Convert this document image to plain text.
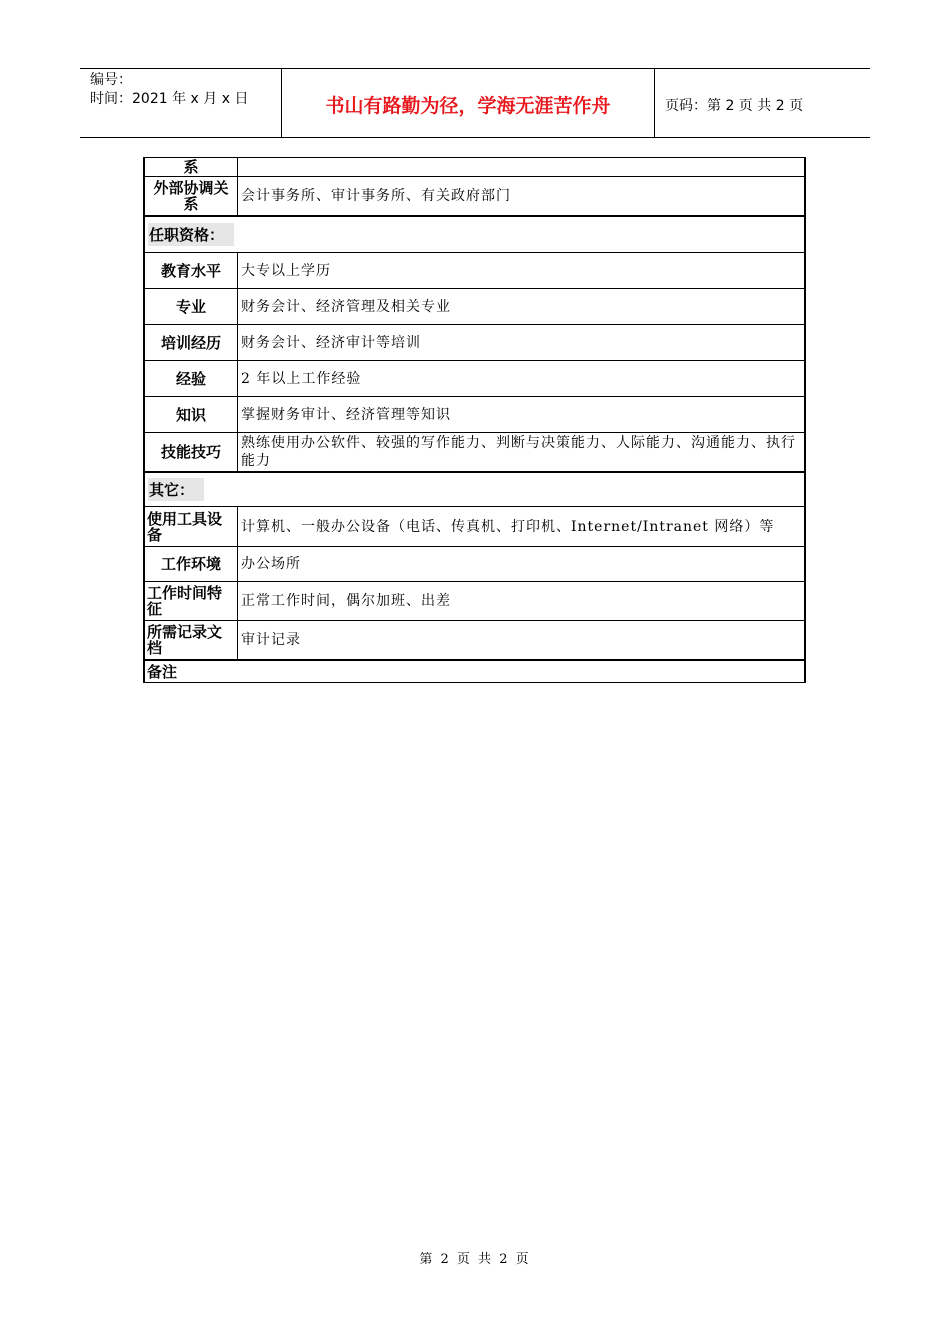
编号：
时间：2021 年 x 月 x 日	书山有路勤为径，学海无涯苦作舟	页码：第 2 页 共 2 页
系
外部协调关系	会计事务所、审计事务所、有关政府部门
任职资格：
教育水平	大专以上学历
专业	财务会计、经济管理及相关专业
培训经历	财务会计、经济审计等培训
经验	2 年以上工作经验
知识	掌握财务审计、经济管理等知识
技能技巧	熟练使用办公软件、较强的写作能力、判断与决策能力、人际能力、沟通能力、执行能力
其它：
使用工具设备	计算机、一般办公设备（电话、传真机、打印机、Internet/Intranet 网络）等
工作环境	办公场所
工作时间特征	正常工作时间，偶尔加班、出差
所需记录文档	审计记录
备注
第 2 页 共 2 页
